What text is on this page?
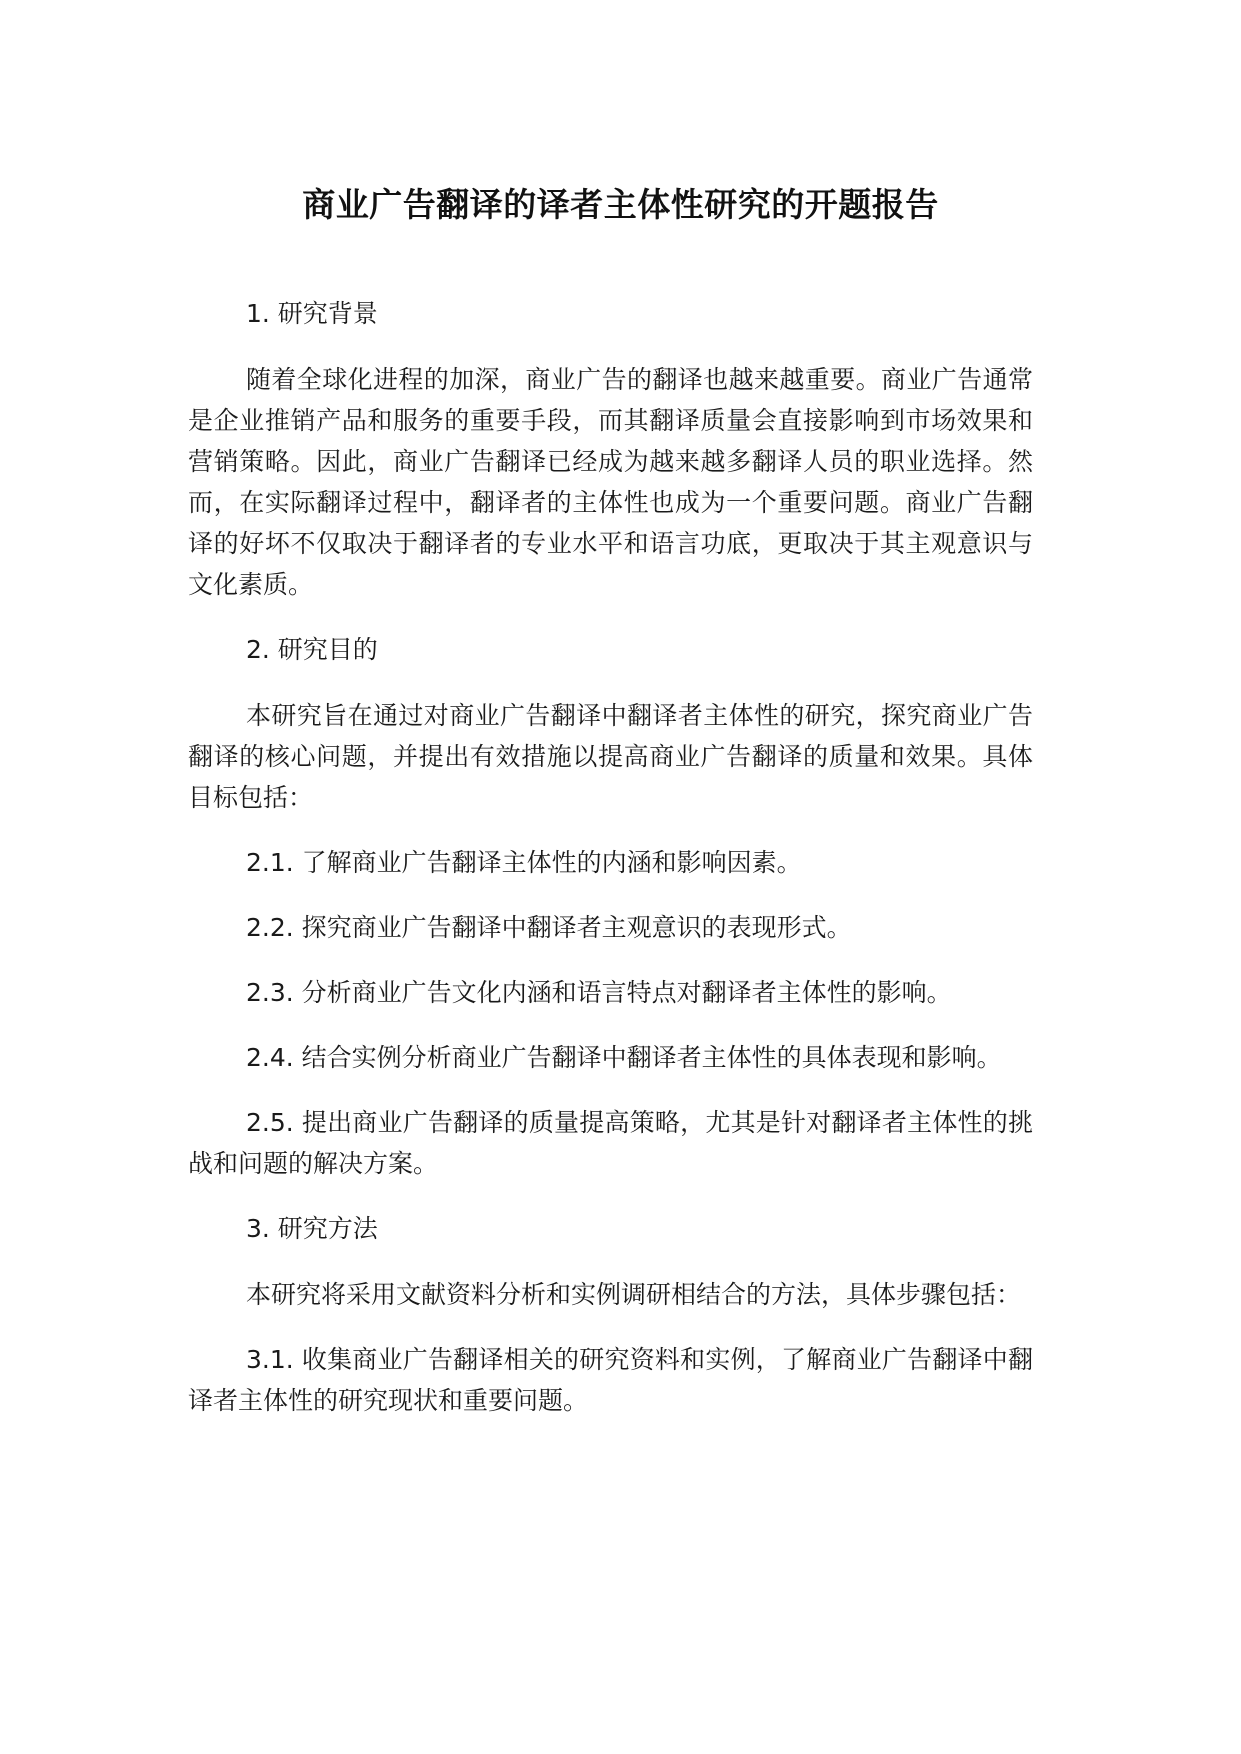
商业广告翻译的译者主体性研究的开题报告

1. 研究背景

随着全球化进程的加深，商业广告的翻译也越来越重要。商业广告通常是企业推销产品和服务的重要手段，而其翻译质量会直接影响到市场效果和营销策略。因此，商业广告翻译已经成为越来越多翻译人员的职业选择。然而，在实际翻译过程中，翻译者的主体性也成为一个重要问题。商业广告翻译的好坏不仅取决于翻译者的专业水平和语言功底，更取决于其主观意识与文化素质。

2. 研究目的

本研究旨在通过对商业广告翻译中翻译者主体性的研究，探究商业广告翻译的核心问题，并提出有效措施以提高商业广告翻译的质量和效果。具体目标包括：

2.1. 了解商业广告翻译主体性的内涵和影响因素。

2.2. 探究商业广告翻译中翻译者主观意识的表现形式。

2.3. 分析商业广告文化内涵和语言特点对翻译者主体性的影响。

2.4. 结合实例分析商业广告翻译中翻译者主体性的具体表现和影响。

2.5. 提出商业广告翻译的质量提高策略，尤其是针对翻译者主体性的挑战和问题的解决方案。

3. 研究方法

本研究将采用文献资料分析和实例调研相结合的方法，具体步骤包括：

3.1. 收集商业广告翻译相关的研究资料和实例，了解商业广告翻译中翻译者主体性的研究现状和重要问题。
